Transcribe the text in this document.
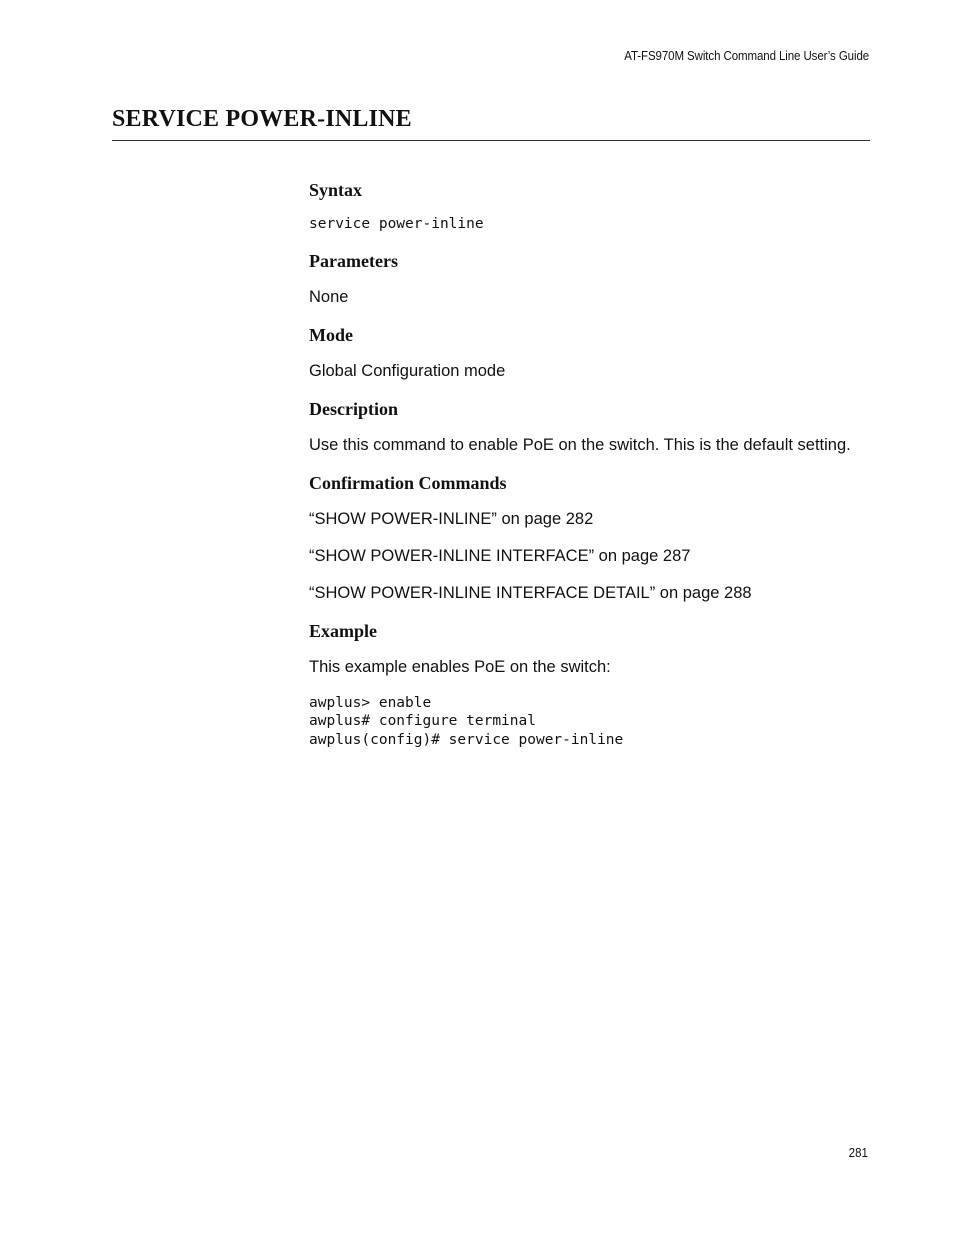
AT-FS970M Switch Command Line User’s Guide
SERVICE POWER-INLINE
Syntax
service power-inline
Parameters

None

Mode

Global Configuration mode

Description

Use this command to enable PoE on the switch. This is the default setting.

Confirmation Commands

“SHOW POWER-INLINE” on page 282

“SHOW POWER-INLINE INTERFACE” on page 287

“SHOW POWER-INLINE INTERFACE DETAIL” on page 288

Example

This example enables PoE on the switch:

awplus> enable
awplus# configure terminal
awplus(config)# service power-inline
281
